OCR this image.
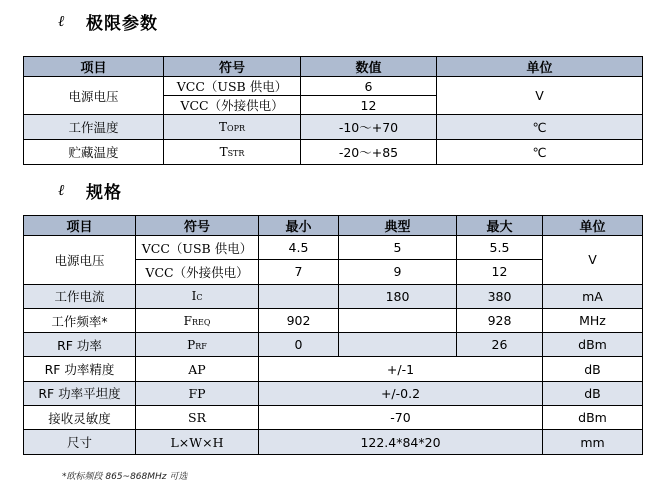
ℓ	极限参数
项目	符号	数值	单位
电源电压	VCC（USB 供电）	6	V
	VCC（外接供电）	12	
工作温度	TOPR	-10～+70	℃
贮藏温度	TSTR	-20～+85	℃
ℓ	规格
项目	符号	最小	典型	最大	单位
电源电压	VCC（USB 供电）	4.5	5	5.5	V
	VCC（外接供电）	7	9	12	
工作电流	IC		180	380	mA
工作频率*	FREQ	902		928	MHz
RF 功率	PRF	0		26	dBm
RF 功率精度	AP	+/-1			dB
RF 功率平坦度	FP	+/-0.2			dB
接收灵敏度	SR	-70			dBm
尺寸	L×W×H	122.4*84*20			mm
*欧标频段 865~868MHz 可选
